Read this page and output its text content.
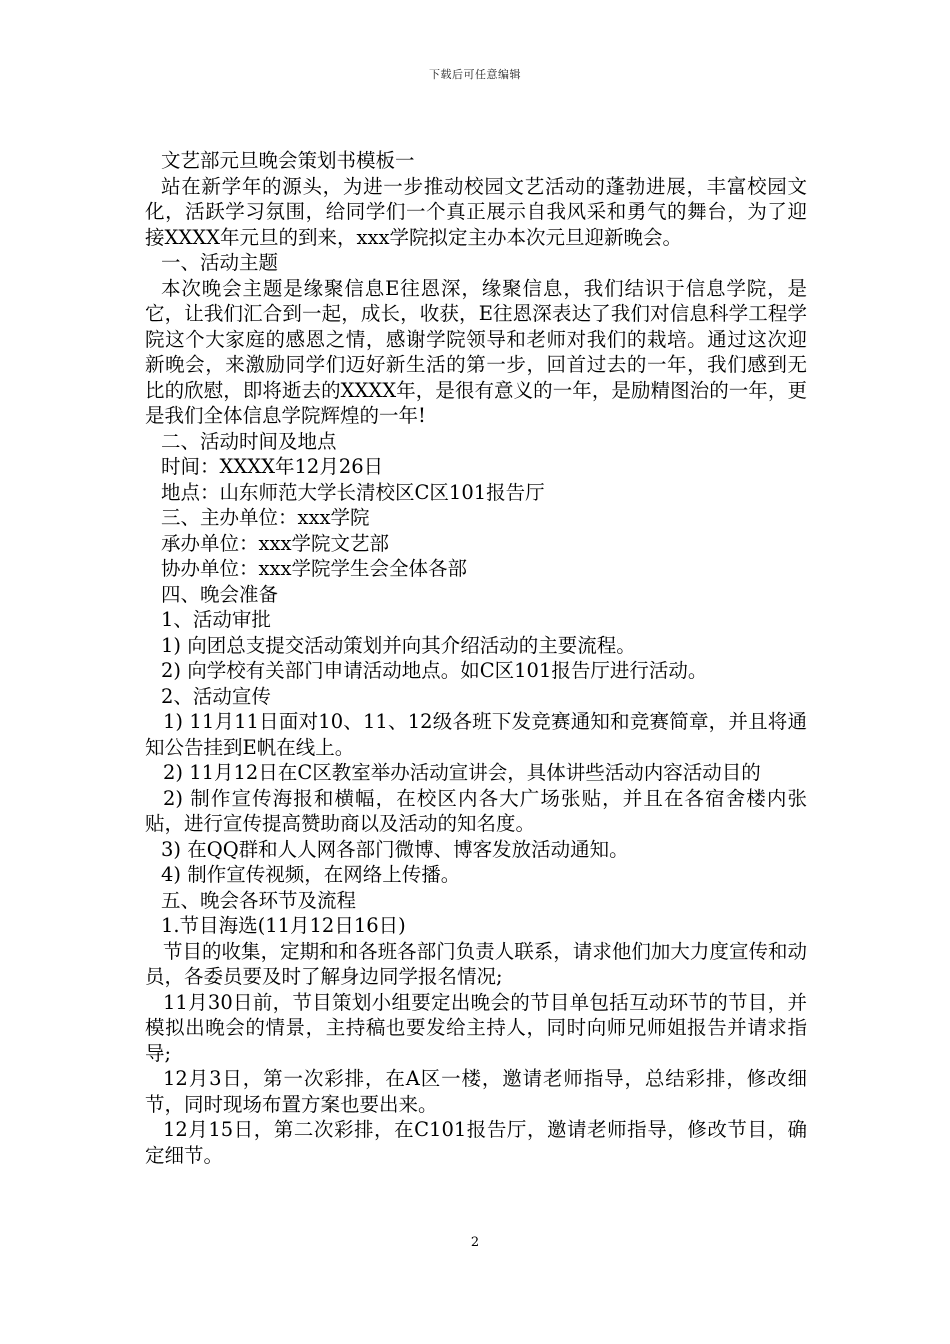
下载后可任意编辑

文艺部元旦晚会策划书模板一

站在新学年的源头，为进一步推动校园文艺活动的蓬勃进展，丰富校园文化，活跃学习氛围，给同学们一个真正展示自我风采和勇气的舞台，为了迎接XXXX年元旦的到来，xxx学院拟定主办本次元旦迎新晚会。

一、活动主题

本次晚会主题是缘聚信息E往恩深，缘聚信息，我们结识于信息学院，是它，让我们汇合到一起，成长，收获，E往恩深表达了我们对信息科学工程学院这个大家庭的感恩之情，感谢学院领导和老师对我们的栽培。通过这次迎新晚会，来激励同学们迈好新生活的第一步，回首过去的一年，我们感到无比的欣慰，即将逝去的XXXX年，是很有意义的一年，是励精图治的一年，更是我们全体信息学院辉煌的一年!

二、活动时间及地点

时间：XXXX年12月26日

地点：山东师范大学长清校区C区101报告厅

三、主办单位：xxx学院

承办单位：xxx学院文艺部

协办单位：xxx学院学生会全体各部

四、晚会准备

1、活动审批

1) 向团总支提交活动策划并向其介绍活动的主要流程。

2) 向学校有关部门申请活动地点。如C区101报告厅进行活动。

2、活动宣传

1) 11月11日面对10、11、12级各班下发竞赛通知和竞赛简章，并且将通知公告挂到E帆在线上。

2) 11月12日在C区教室举办活动宣讲会，具体讲些活动内容活动目的

2) 制作宣传海报和横幅，在校区内各大广场张贴，并且在各宿舍楼内张贴，进行宣传提高赞助商以及活动的知名度。

3) 在QQ群和人人网各部门微博、博客发放活动通知。

4) 制作宣传视频，在网络上传播。

五、晚会各环节及流程

1.节目海选(11月12日16日)

节目的收集，定期和和各班各部门负责人联系，请求他们加大力度宣传和动员，各委员要及时了解身边同学报名情况;

11月30日前，节目策划小组要定出晚会的节目单包括互动环节的节目，并模拟出晚会的情景，主持稿也要发给主持人，同时向师兄师姐报告并请求指导;

12月3日，第一次彩排，在A区一楼，邀请老师指导，总结彩排，修改细节，同时现场布置方案也要出来。

12月15日，第二次彩排，在C101报告厅，邀请老师指导，修改节目，确定细节。

2
